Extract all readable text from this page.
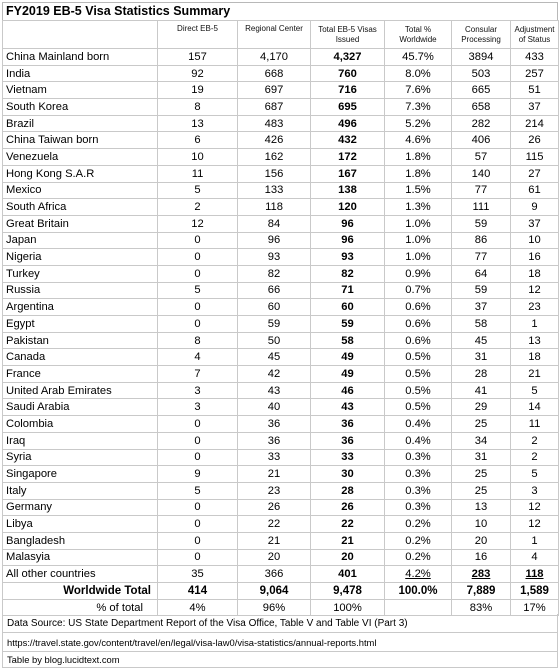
FY2019 EB-5 Visa Statistics Summary
	Direct EB-5	Regional Center	Total EB-5 Visas Issued	Total % Worldwide	Consular Processing	Adjustment of Status
China Mainland born	157	4,170	4,327	45.7%	3894	433
India	92	668	760	8.0%	503	257
Vietnam	19	697	716	7.6%	665	51
South Korea	8	687	695	7.3%	658	37
Brazil	13	483	496	5.2%	282	214
China Taiwan born	6	426	432	4.6%	406	26
Venezuela	10	162	172	1.8%	57	115
Hong Kong S.A.R	11	156	167	1.8%	140	27
Mexico	5	133	138	1.5%	77	61
South Africa	2	118	120	1.3%	111	9
Great Britain	12	84	96	1.0%	59	37
Japan	0	96	96	1.0%	86	10
Nigeria	0	93	93	1.0%	77	16
Turkey	0	82	82	0.9%	64	18
Russia	5	66	71	0.7%	59	12
Argentina	0	60	60	0.6%	37	23
Egypt	0	59	59	0.6%	58	1
Pakistan	8	50	58	0.6%	45	13
Canada	4	45	49	0.5%	31	18
France	7	42	49	0.5%	28	21
United Arab Emirates	3	43	46	0.5%	41	5
Saudi Arabia	3	40	43	0.5%	29	14
Colombia	0	36	36	0.4%	25	11
Iraq	0	36	36	0.4%	34	2
Syria	0	33	33	0.3%	31	2
Singapore	9	21	30	0.3%	25	5
Italy	5	23	28	0.3%	25	3
Germany	0	26	26	0.3%	13	12
Libya	0	22	22	0.2%	10	12
Bangladesh	0	21	21	0.2%	20	1
Malasyia	0	20	20	0.2%	16	4
All other countries	35	366	401	4.2%	283	118
Worldwide Total	414	9,064	9,478	100.0%	7,889	1,589
% of total	4%	96%	100%		83%	17%
Data Source: US State Department Report of the Visa Office, Table V and Table VI (Part 3)
https://travel.state.gov/content/travel/en/legal/visa-law0/visa-statistics/annual-reports.html
Table by blog.lucidtext.com
